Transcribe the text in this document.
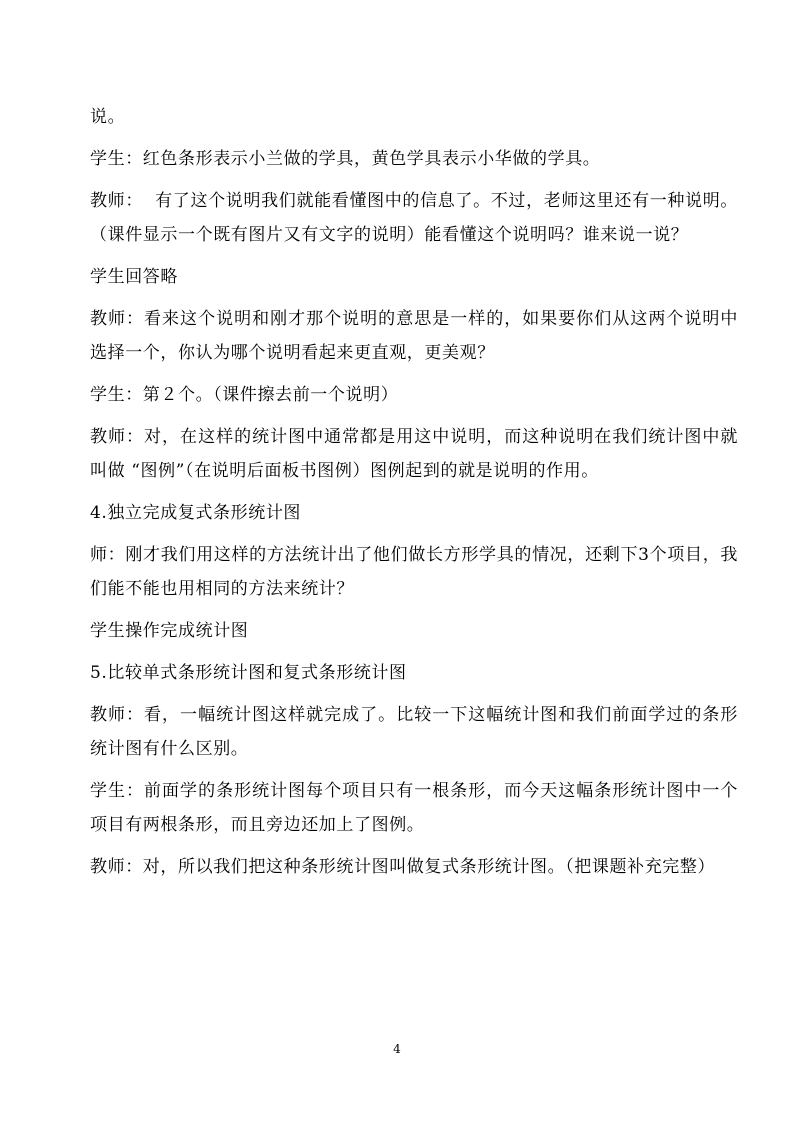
说。

学生：红色条形表示小兰做的学具，黄色学具表示小华做的学具。

教师：  有了这个说明我们就能看懂图中的信息了。不过，老师这里还有一种说明。（课件显示一个既有图片又有文字的说明）能看懂这个说明吗？谁来说一说？

学生回答略

教师：看来这个说明和刚才那个说明的意思是一样的，如果要你们从这两个说明中选择一个，你认为哪个说明看起来更直观，更美观？

学生：第２个。（课件擦去前一个说明）

教师：对，在这样的统计图中通常都是用这中说明，而这种说明在我们统计图中就叫做 “图例”（在说明后面板书图例）图例起到的就是说明的作用。

4.独立完成复式条形统计图

师：刚才我们用这样的方法统计出了他们做长方形学具的情况，还剩下3个项目，我们能不能也用相同的方法来统计？

学生操作完成统计图

5.比较单式条形统计图和复式条形统计图

教师：看，一幅统计图这样就完成了。比较一下这幅统计图和我们前面学过的条形统计图有什么区别。

学生：前面学的条形统计图每个项目只有一根条形，而今天这幅条形统计图中一个项目有两根条形，而且旁边还加上了图例。

教师：对，所以我们把这种条形统计图叫做复式条形统计图。（把课题补充完整）

4
